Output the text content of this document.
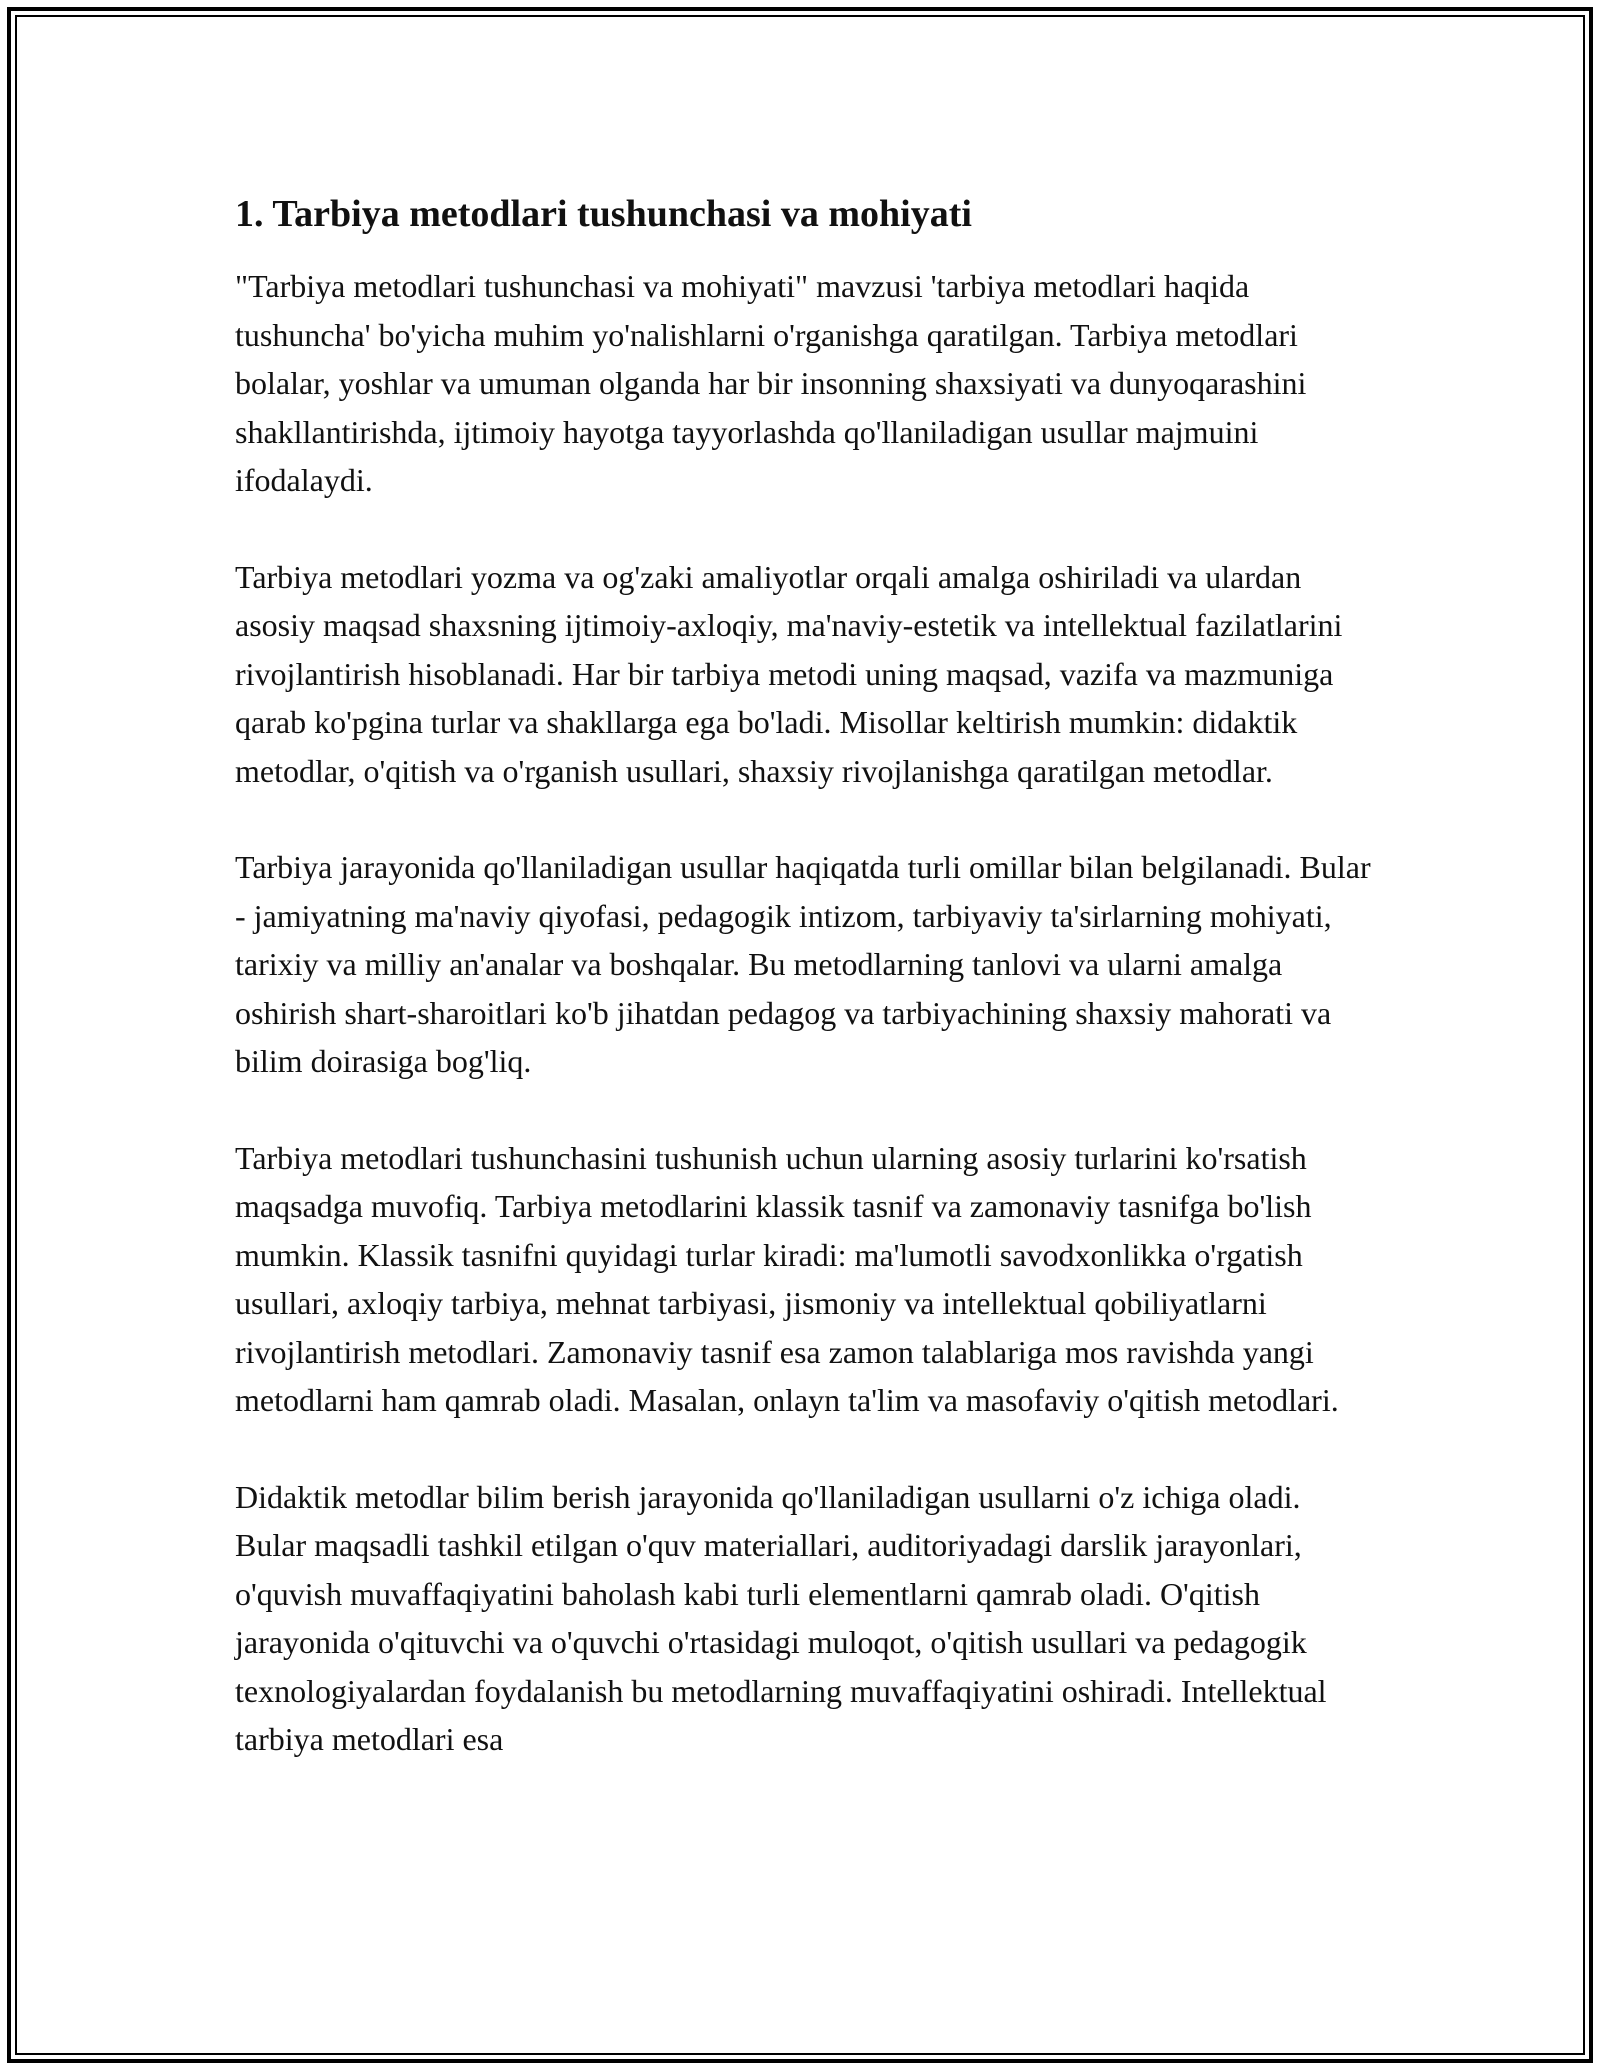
1. Tarbiya metodlari tushunchasi va mohiyati

"Tarbiya metodlari tushunchasi va mohiyati" mavzusi 'tarbiya metodlari haqida tushuncha' bo'yicha muhim yo'nalishlarni o'rganishga qaratilgan. Tarbiya metodlari bolalar, yoshlar va umuman olganda har bir insonning shaxsiyati va dunyoqarashini shakllantirishda, ijtimoiy hayotga tayyorlashda qo'llaniladigan usullar majmuini ifodalaydi.

Tarbiya metodlari yozma va og'zaki amaliyotlar orqali amalga oshiriladi va ulardan asosiy maqsad shaxsning ijtimoiy-axloqiy, ma'naviy-estetik va intellektual fazilatlarini rivojlantirish hisoblanadi. Har bir tarbiya metodi uning maqsad, vazifa va mazmuniga qarab ko'pgina turlar va shakllarga ega bo'ladi. Misollar keltirish mumkin: didaktik metodlar, o'qitish va o'rganish usullari, shaxsiy rivojlanishga qaratilgan metodlar.

Tarbiya jarayonida qo'llaniladigan usullar haqiqatda turli omillar bilan belgilanadi. Bular - jamiyatning ma'naviy qiyofasi, pedagogik intizom, tarbiyaviy ta'sirlarning mohiyati, tarixiy va milliy an'analar va boshqalar. Bu metodlarning tanlovi va ularni amalga oshirish shart-sharoitlari ko'b jihatdan pedagog va tarbiyachining shaxsiy mahorati va bilim doirasiga bog'liq.

Tarbiya metodlari tushunchasini tushunish uchun ularning asosiy turlarini ko'rsatish maqsadga muvofiq. Tarbiya metodlarini klassik tasnif va zamonaviy tasnifga bo'lish mumkin. Klassik tasnifni quyidagi turlar kiradi: ma'lumotli savodxonlikka o'rgatish usullari, axloqiy tarbiya, mehnat tarbiyasi, jismoniy va intellektual qobiliyatlarni rivojlantirish metodlari. Zamonaviy tasnif esa zamon talablariga mos ravishda yangi metodlarni ham qamrab oladi. Masalan, onlayn ta'lim va masofaviy o'qitish metodlari.

Didaktik metodlar bilim berish jarayonida qo'llaniladigan usullarni o'z ichiga oladi. Bular maqsadli tashkil etilgan o'quv materiallari, auditoriyadagi darslik jarayonlari, o'quvish muvaffaqiyatini baholash kabi turli elementlarni qamrab oladi. O'qitish jarayonida o'qituvchi va o'quvchi o'rtasidagi muloqot, o'qitish usullari va pedagogik texnologiyalardan foydalanish bu metodlarning muvaffaqiyatini oshiradi. Intellektual tarbiya metodlari esa
